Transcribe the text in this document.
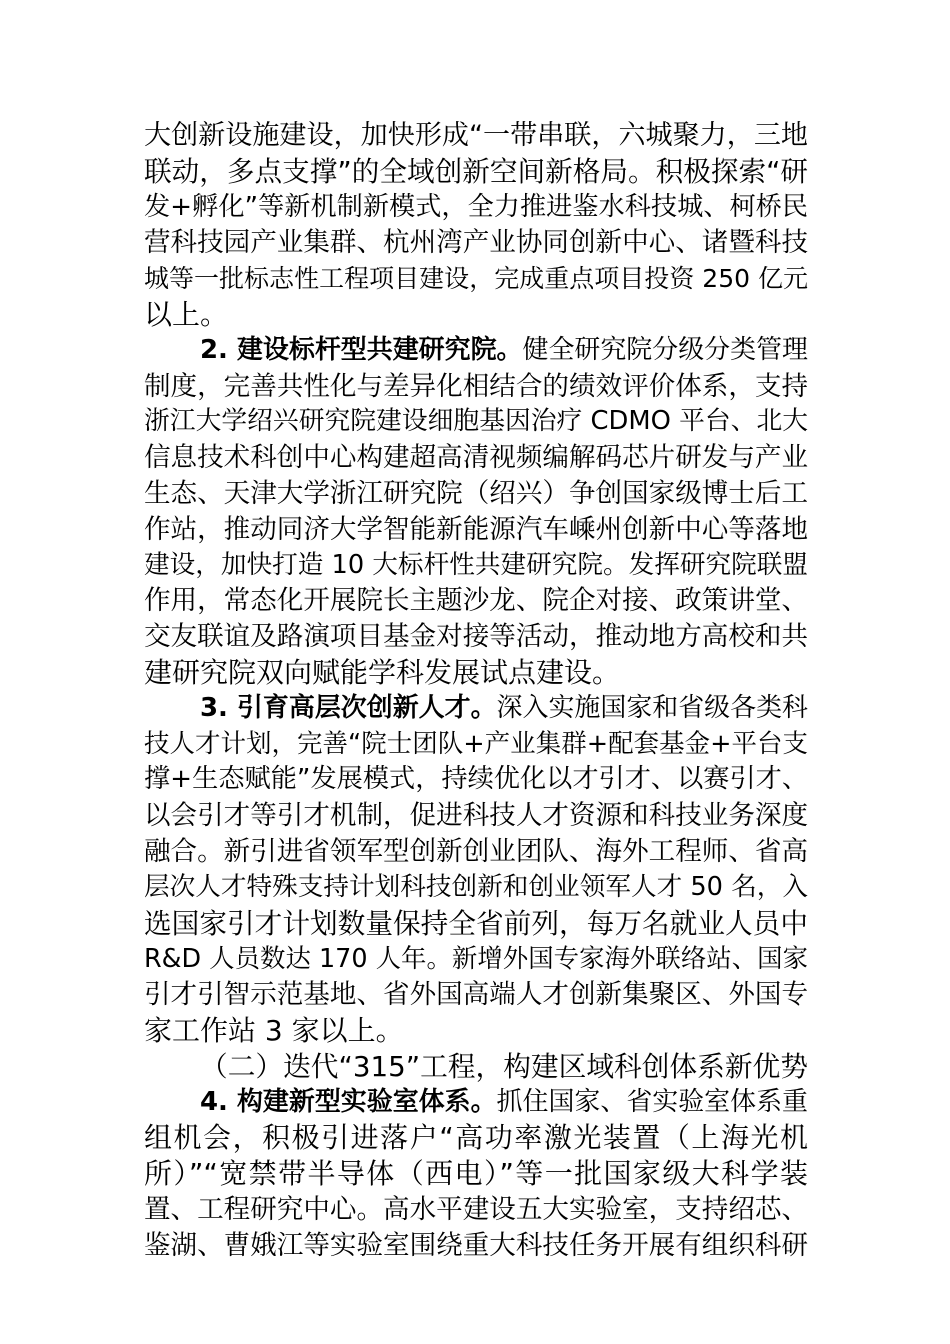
大创新设施建设，加快形成“一带串联，六城聚力，三地
联动，多点支撑”的全域创新空间新格局。积极探索“研
发+孵化”等新机制新模式，全力推进鉴水科技城、柯桥民
营科技园产业集群、杭州湾产业协同创新中心、诸暨科技
城等一批标志性工程项目建设，完成重点项目投资 250 亿元
以上。
2. 建设标杆型共建研究院。健全研究院分级分类管理
制度，完善共性化与差异化相结合的绩效评价体系，支持
浙江大学绍兴研究院建设细胞基因治疗 CDMO 平台、北大
信息技术科创中心构建超高清视频编解码芯片研发与产业
生态、天津大学浙江研究院（绍兴）争创国家级博士后工
作站，推动同济大学智能新能源汽车嵊州创新中心等落地
建设，加快打造 10 大标杆性共建研究院。发挥研究院联盟
作用，常态化开展院长主题沙龙、院企对接、政策讲堂、
交友联谊及路演项目基金对接等活动，推动地方高校和共
建研究院双向赋能学科发展试点建设。
3. 引育高层次创新人才。深入实施国家和省级各类科
技人才计划，完善“院士团队+产业集群+配套基金+平台支
撑+生态赋能”发展模式，持续优化以才引才、以赛引才、
以会引才等引才机制，促进科技人才资源和科技业务深度
融合。新引进省领军型创新创业团队、海外工程师、省高
层次人才特殊支持计划科技创新和创业领军人才 50 名，入
选国家引才计划数量保持全省前列，每万名就业人员中
R&D 人员数达 170 人年。新增外国专家海外联络站、国家
引才引智示范基地、省外国高端人才创新集聚区、外国专
家工作站 3 家以上。
（二）迭代“315”工程，构建区域科创体系新优势
4. 构建新型实验室体系。抓住国家、省实验室体系重
组机会，积极引进落户“高功率激光装置（上海光机
所）”“宽禁带半导体（西电）”等一批国家级大科学装
置、工程研究中心。高水平建设五大实验室，支持绍芯、
鉴湖、曹娥江等实验室围绕重大科技任务开展有组织科研
